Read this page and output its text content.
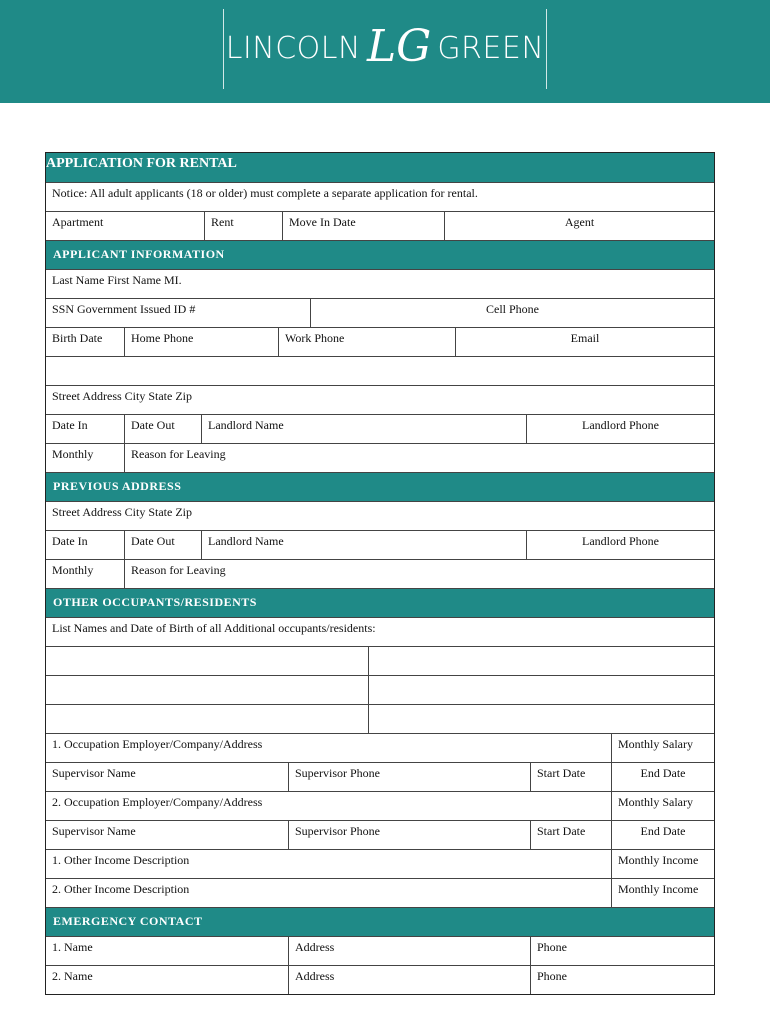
LINCOLN LG GREEN
APPLICATION FOR RENTAL
Notice: All adult applicants (18 or older) must complete a separate application for rental.
Apartment	Rent	Move In Date	Agent
APPLICANT INFORMATION
Last Name First Name MI.
SSN Government Issued ID #	Cell Phone
Birth Date	Home Phone	Work Phone	Email
Street Address City State Zip
Date In	Date Out	Landlord Name	Landlord Phone
Monthly	Reason for Leaving
PREVIOUS ADDRESS
Street Address City State Zip
Date In	Date Out	Landlord Name	Landlord Phone
Monthly	Reason for Leaving
OTHER OCCUPANTS/RESIDENTS
List Names and Date of Birth of all Additional occupants/residents:
1. Occupation Employer/Company/Address	Monthly Salary
Supervisor Name	Supervisor Phone	Start Date	End Date
2. Occupation Employer/Company/Address	Monthly Salary
Supervisor Name	Supervisor Phone	Start Date	End Date
1. Other Income Description	Monthly Income
2. Other Income Description	Monthly Income
EMERGENCY CONTACT
1. Name	Address	Phone
2. Name	Address	Phone
